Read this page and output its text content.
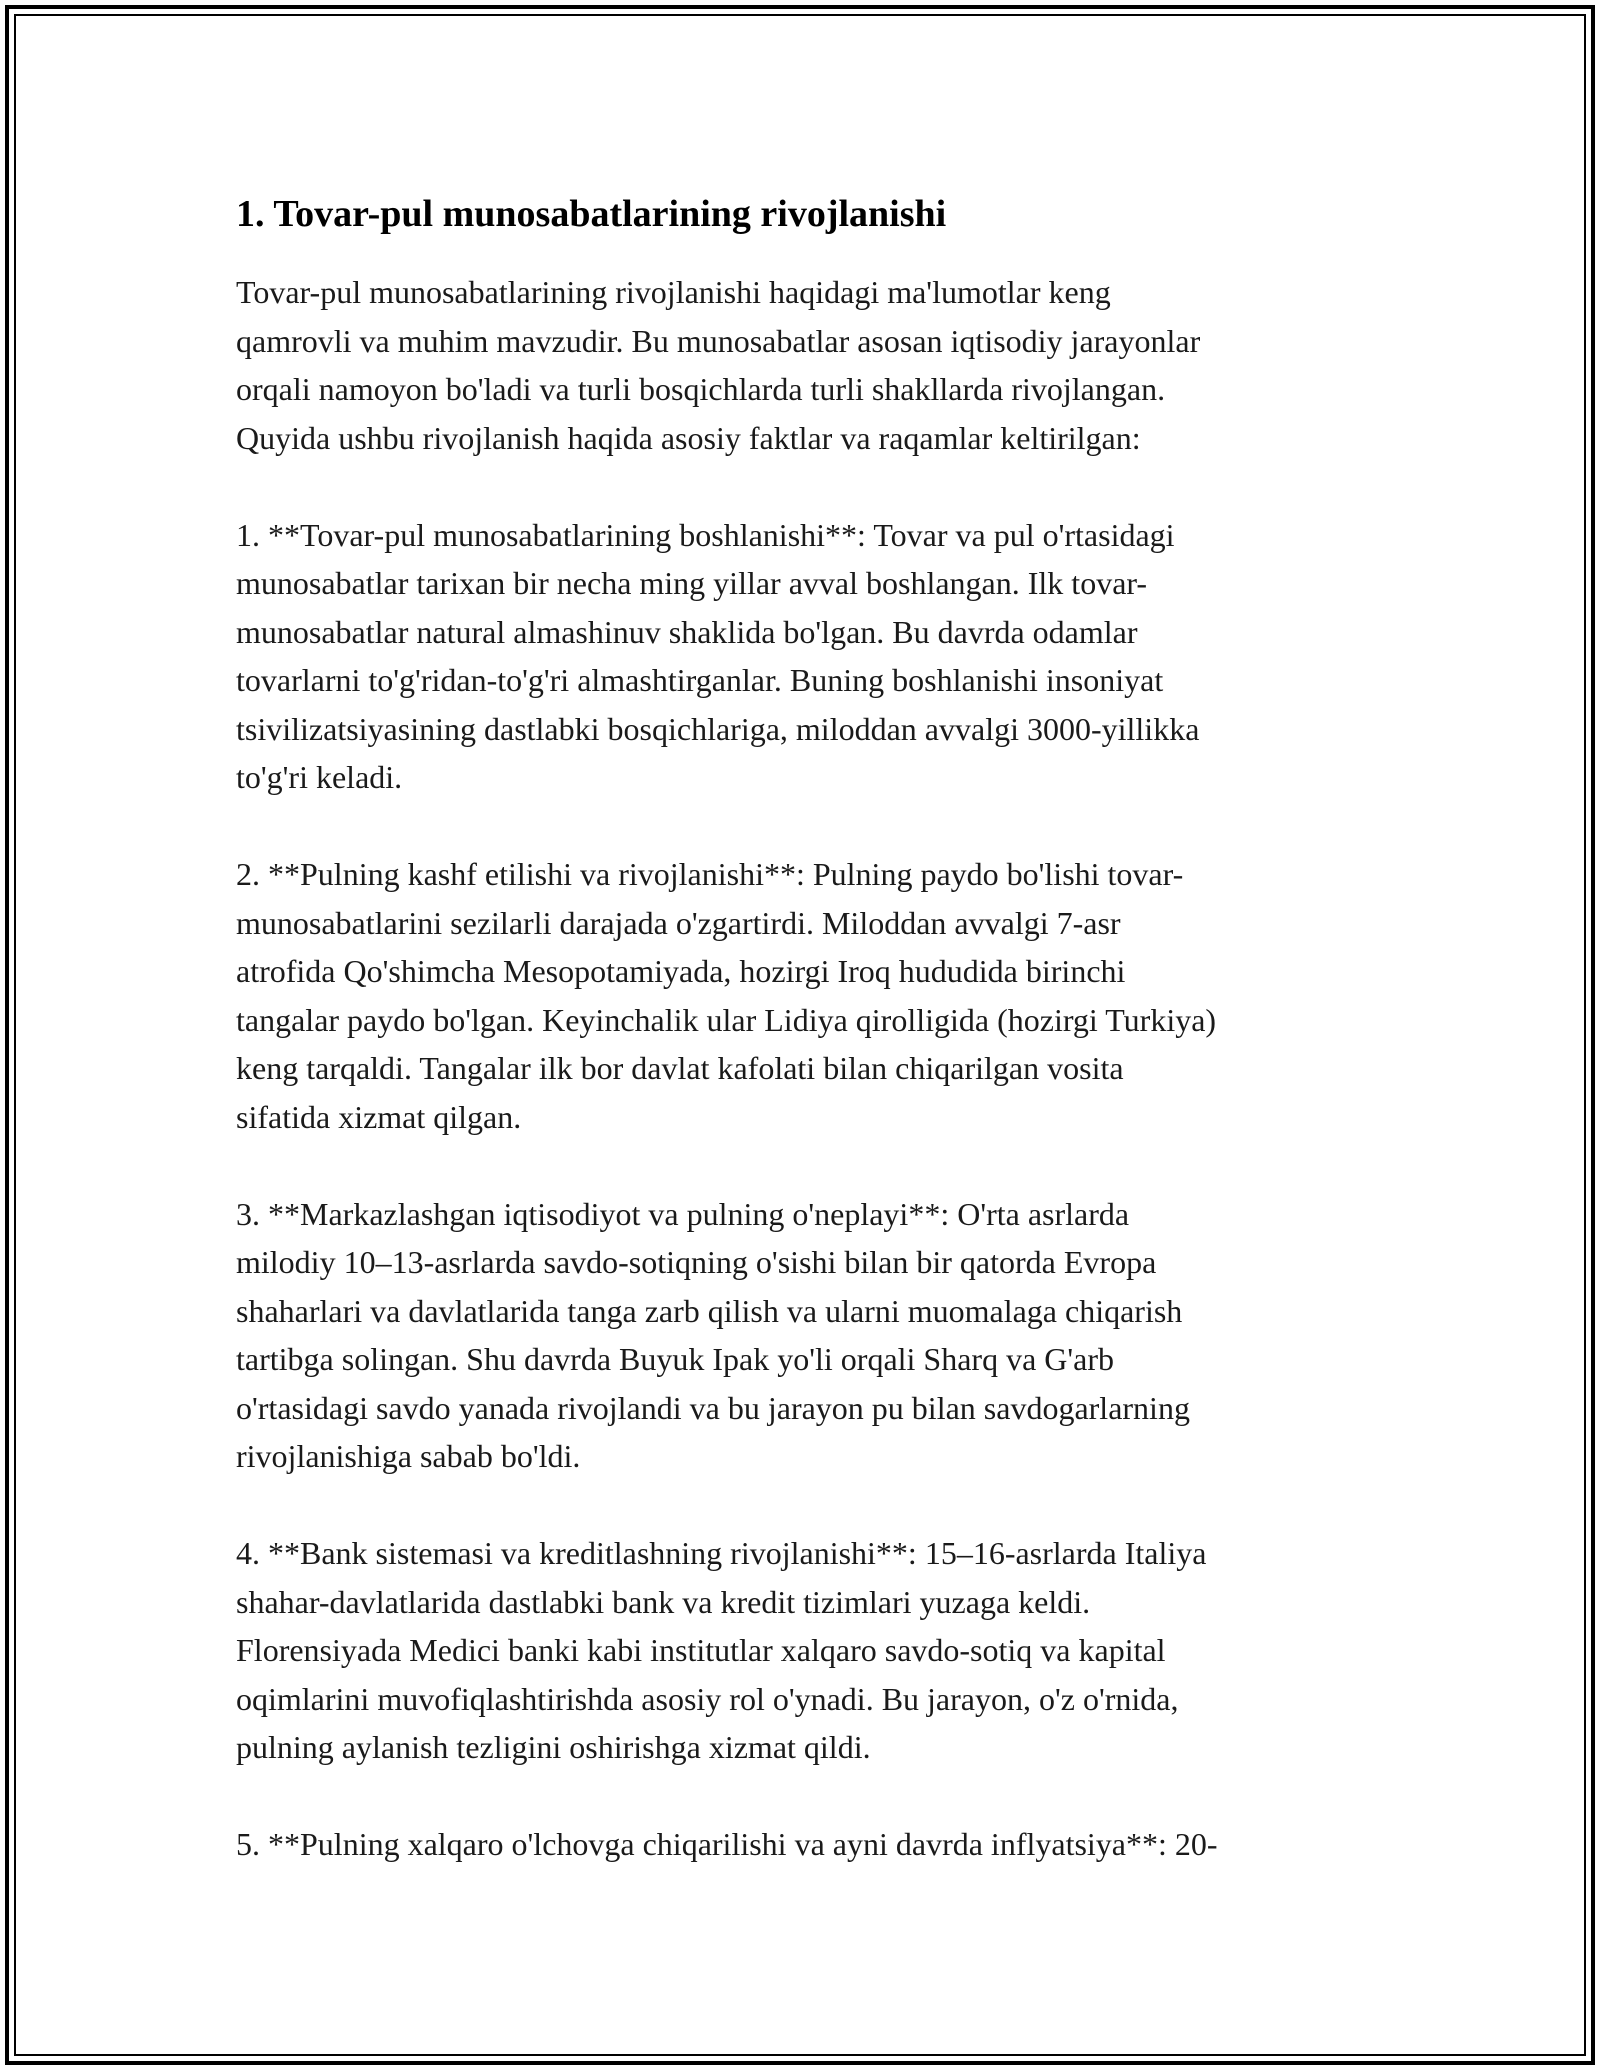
1. Tovar-pul munosabatlarining rivojlanishi

Tovar-pul munosabatlarining rivojlanishi haqidagi ma'lumotlar keng
qamrovli va muhim mavzudir. Bu munosabatlar asosan iqtisodiy jarayonlar
orqali namoyon bo'ladi va turli bosqichlarda turli shakllarda rivojlangan.
Quyida ushbu rivojlanish haqida asosiy faktlar va raqamlar keltirilgan:

1. **Tovar-pul munosabatlarining boshlanishi**: Tovar va pul o'rtasidagi
munosabatlar tarixan bir necha ming yillar avval boshlangan. Ilk tovar-
munosabatlar natural almashinuv shaklida bo'lgan. Bu davrda odamlar
tovarlarni to'g'ridan-to'g'ri almashtirganlar. Buning boshlanishi insoniyat
tsivilizatsiyasining dastlabki bosqichlariga, miloddan avvalgi 3000-yillikka
to'g'ri keladi.

2. **Pulning kashf etilishi va rivojlanishi**: Pulning paydo bo'lishi tovar-
munosabatlarini sezilarli darajada o'zgartirdi. Miloddan avvalgi 7-asr
atrofida Qo'shimcha Mesopotamiyada, hozirgi Iroq hududida birinchi
tangalar paydo bo'lgan. Keyinchalik ular Lidiya qirolligida (hozirgi Turkiya)
keng tarqaldi. Tangalar ilk bor davlat kafolati bilan chiqarilgan vosita
sifatida xizmat qilgan.

3. **Markazlashgan iqtisodiyot va pulning o'neplayi**: O'rta asrlarda
milodiy 10–13-asrlarda savdo-sotiqning o'sishi bilan bir qatorda Evropa
shaharlari va davlatlarida tanga zarb qilish va ularni muomalaga chiqarish
tartibga solingan. Shu davrda Buyuk Ipak yo'li orqali Sharq va G'arb
o'rtasidagi savdo yanada rivojlandi va bu jarayon pu bilan savdogarlarning
rivojlanishiga sabab bo'ldi.

4. **Bank sistemasi va kreditlashning rivojlanishi**: 15–16-asrlarda Italiya
shahar-davlatlarida dastlabki bank va kredit tizimlari yuzaga keldi.
Florensiyada Medici banki kabi institutlar xalqaro savdo-sotiq va kapital
oqimlarini muvofiqlashtirishda asosiy rol o'ynadi. Bu jarayon, o'z o'rnida,
pulning aylanish tezligini oshirishga xizmat qildi.

5. **Pulning xalqaro o'lchovga chiqarilishi va ayni davrda inflyatsiya**: 20-
